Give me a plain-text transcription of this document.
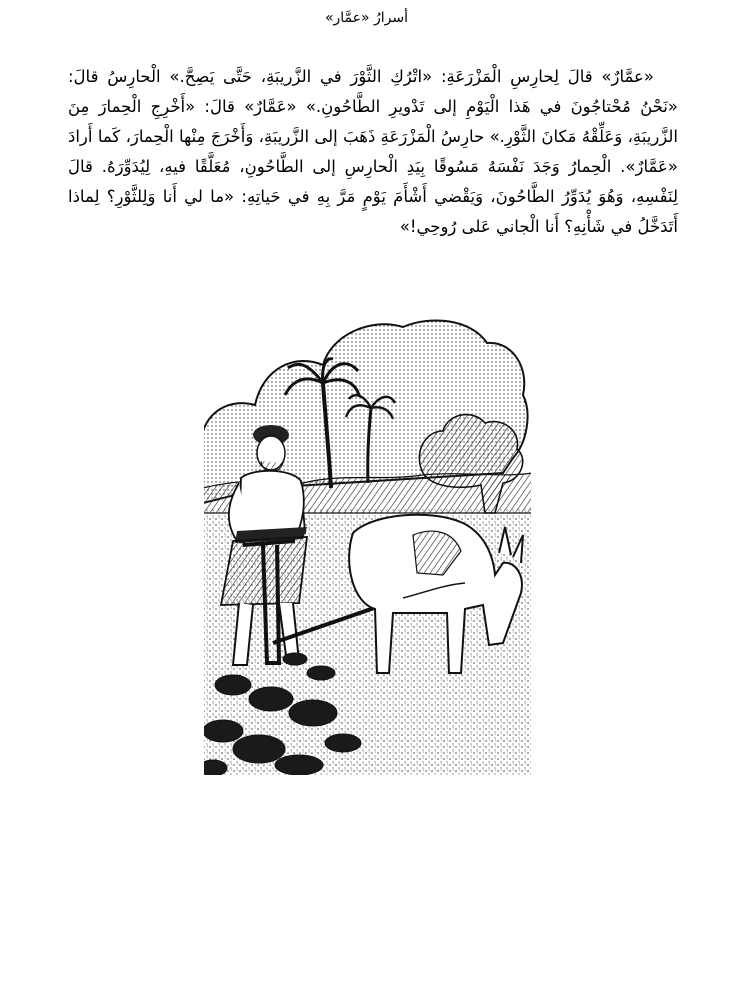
أسرارُ «عمَّار»

«عمَّارٌ» قالَ لِحارِسِ الْمَزْرَعَةِ: «اتْرُكِ الثَّوْرَ في الزَّريبَةِ، حَتَّى يَصِحَّ.» الْحارِسُ قالَ: «نَحْنُ مُحْتاجُونَ في هَذا الْيَوْمِ إلى تَدْويرِ الطَّاحُونِ.» «عَمَّارٌ» قالَ: «أَخْرِجِ الْحِمارَ مِنَ الزَّريبَةِ، وَعَلِّقْهُ مَكانَ الثَّوْرِ.» حارِسُ الْمَزْرَعَةِ ذَهَبَ إلى الزَّريبَةِ، وَأَخْرَجَ مِنْها الْحِمارَ، كَما أَرادَ «عَمَّارٌ». الْحِمارُ وَجَدَ نَفْسَهُ مَسُوقًا بِيَدِ الْحارِسِ إلى الطَّاحُونِ، مُعَلَّقًا فيهِ، لِيُدَوِّرَهُ. قالَ لِنَفْسِهِ، وَهُوَ يُدَوِّرُ الطَّاحُونَ، وَيَقْضي أَشْأَمَ يَوْمٍ مَرَّ بِهِ في حَياتِهِ: «ما لي أَنا وَلِلثَّوْرِ؟ لِماذا أَتَدَخَّلُ في شَأْنِهِ؟ أَنا الْجاني عَلى رُوحِي!»
